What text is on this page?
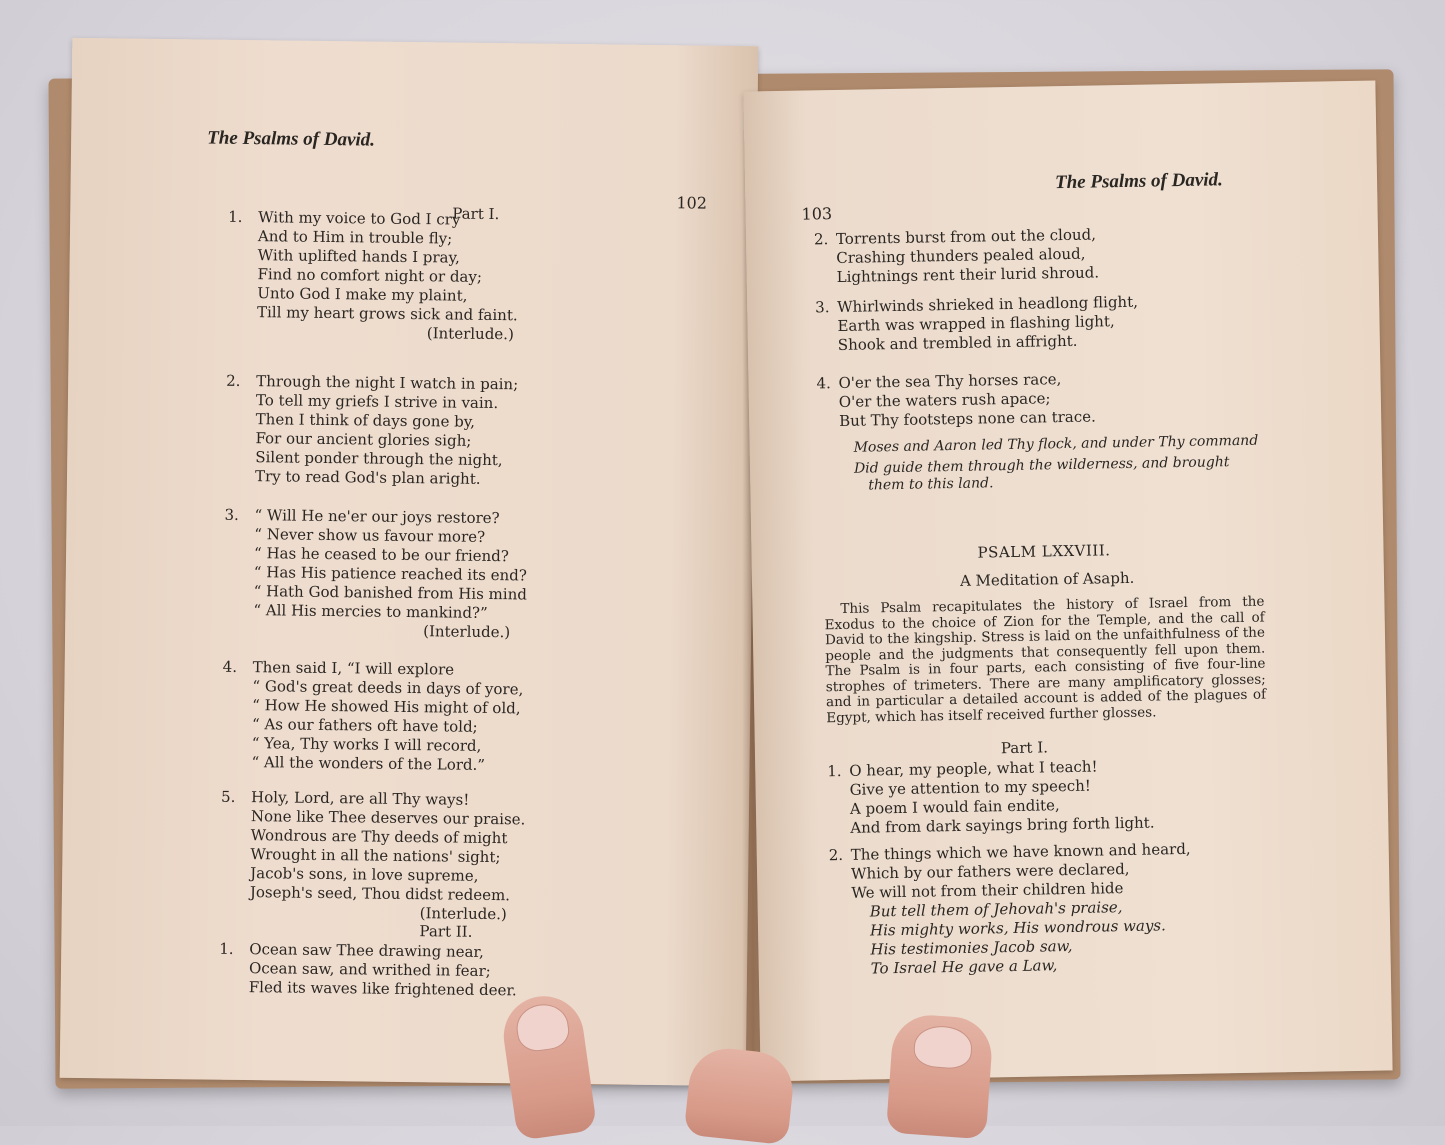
The Psalms of David.
102
Part I.
1. With my voice to God I cry
And to Him in trouble fly;
With uplifted hands I pray,
Find no comfort night or day;
Unto God I make my plaint,
Till my heart grows sick and faint.
(Interlude.)
2. Through the night I watch in pain;
To tell my griefs I strive in vain.
Then I think of days gone by,
For our ancient glories sigh;
Silent ponder through the night,
Try to read God's plan aright.
3. “ Will He ne'er our joys restore?
“ Never show us favour more?
“ Has he ceased to be our friend?
“ Has His patience reached its end?
“ Hath God banished from His mind
“ All His mercies to mankind?”
(Interlude.)
4. Then said I, “I will explore
“ God's great deeds in days of yore,
“ How He showed His might of old,
“ As our fathers oft have told;
“ Yea, Thy works I will record,
“ All the wonders of the Lord.”
5. Holy, Lord, are all Thy ways!
None like Thee deserves our praise.
Wondrous are Thy deeds of might
Wrought in all the nations' sight;
Jacob's sons, in love supreme,
Joseph's seed, Thou didst redeem.
(Interlude.)
Part II.
1. Ocean saw Thee drawing near,
Ocean saw, and writhed in fear;
Fled its waves like frightened deer.
The Psalms of David.
103
2. Torrents burst from out the cloud,
Crashing thunders pealed aloud,
Lightnings rent their lurid shroud.
3. Whirlwinds shrieked in headlong flight,
Earth was wrapped in flashing light,
Shook and trembled in affright.
4. O'er the sea Thy horses race,
O'er the waters rush apace;
But Thy footsteps none can trace.
Moses and Aaron led Thy flock, and under Thy command
Did guide them through the wilderness, and brought them to this land.
PSALM LXXVIII.
A Meditation of Asaph.
This Psalm recapitulates the history of Israel from the Exodus to the choice of Zion for the Temple, and the call of David to the kingship. Stress is laid on the unfaithfulness of the people and the judgments that consequently fell upon them. The Psalm is in four parts, each consisting of five four-line strophes of trimeters. There are many amplificatory glosses; and in particular a detailed account is added of the plagues of Egypt, which has itself received further glosses.
Part I.
1. O hear, my people, what I teach!
Give ye attention to my speech!
A poem I would fain endite,
And from dark sayings bring forth light.
2. The things which we have known and heard,
Which by our fathers were declared,
We will not from their children hide
But tell them of Jehovah's praise,
His mighty works, His wondrous ways.
His testimonies Jacob saw,
To Israel He gave a Law,
